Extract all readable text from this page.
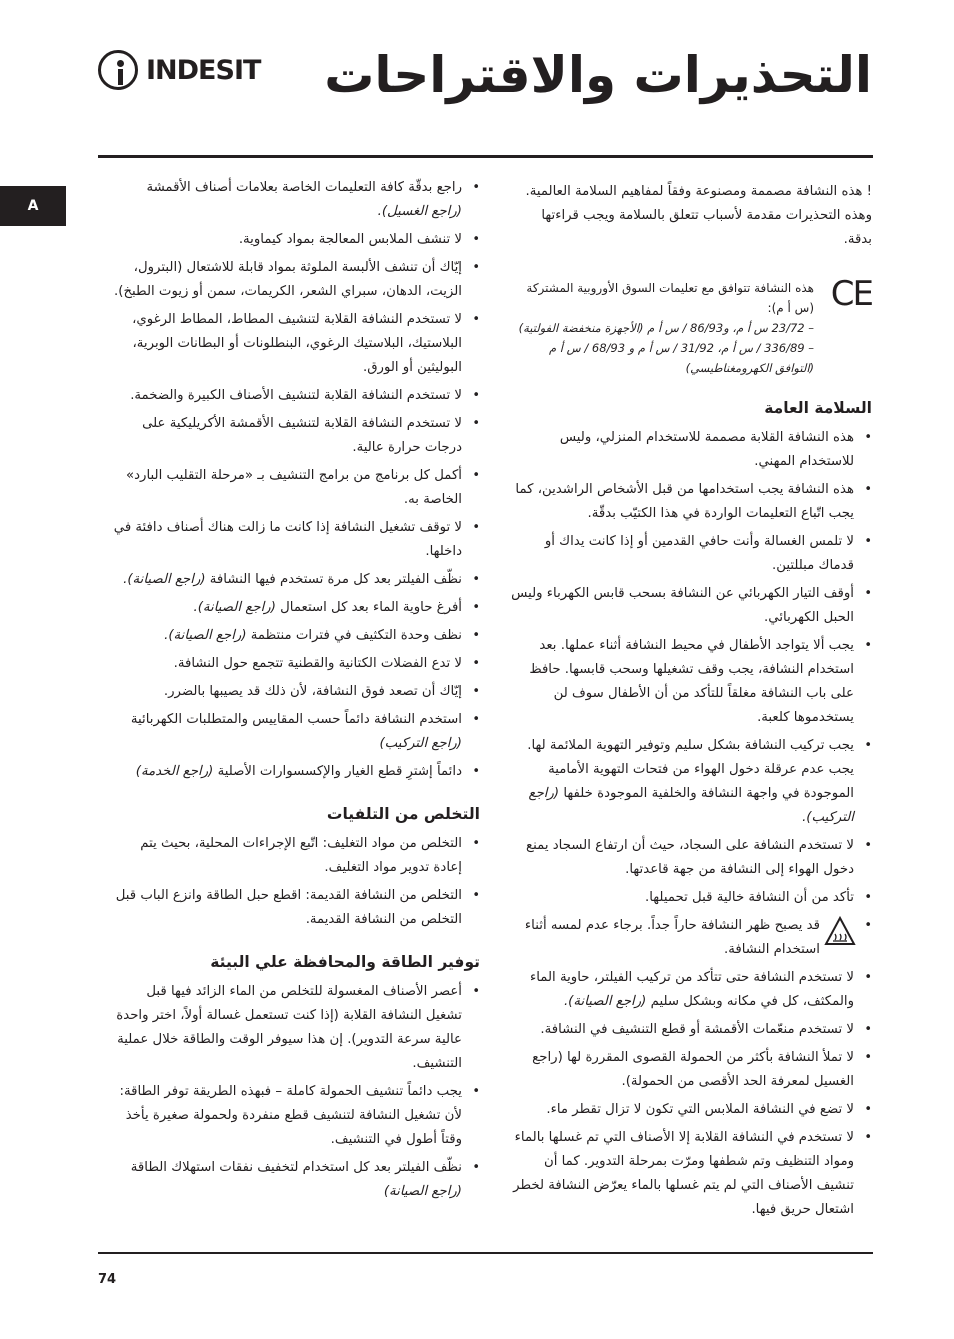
INDESIT التحذيرات والاقتراحات
A

! هذه النشافة مصممة ومصنوعة وفقاً لمفاهيم السلامة العالمية. وهذه التحذيرات مقدمة لأسباب تتعلق بالسلامة ويجب قراءتها بدقة.

CE
هذه النشافة تتوافق مع تعليمات السوق الأوروبية المشتركة (س أ م):
– 23/72 س أ م، و86/93 / س أ م (الأجهزة منخفضة الفولتية)
– 336/89 / س أ م، 31/92 / س أ م و 68/93 / س أ م (التوافق الكهرومغناطيسي)
السلامة العامة
• هذه النشافة القلابة مصممة للاستخدام المنزلي، وليس للاستخدام المهني.
• هذه النشافة يجب استخدامها من قبل الأشخاص الراشدين، كما يجب اتّباع التعليمات الواردة في هذا الكتيّب بدقّة.
• لا تلمس الغسالة وأنت حافي القدمين أو إذا كانت يداك أو قدماك مبللتين.
• أوقف التيار الكهربائي عن النشافة بسحب قابس الكهرباء وليس الحبل الكهربائي.
• يجب ألا يتواجد الأطفال في محيط النشافة أثناء عملها. بعد استخدام النشافة، يجب وقف تشغيلها وسحب قابسها. حافظ على باب النشافة مغلقاً للتأكد من أن الأطفال سوف لن يستخدموها كلعبة.
• يجب تركيب النشافة بشكل سليم وتوفير التهوية الملائمة لها. يجب عدم عرقلة دخول الهواء من فتحات التهوية الأمامية الموجودة في واجهة النشافة والخلفية الموجودة خلفها (راجع التركيب).
• لا تستخدم النشافة على السجاد، حيث أن ارتفاع السجاد يمنع دخول الهواء إلى النشافة من جهة قاعدتها.
• تأكد من أن النشافة خالية قبل تحميلها.
• قد يصبح ظهر النشافة حاراً جداً. برجاء عدم لمسه أثناء استخدام النشافة.
• لا تستخدم النشافة حتى تتأكد من تركيب الفيلتر، حاوية الماء والمكثف، كل في مكانه وبشكل سليم (راجع الصيانة).
• لا تستخدم منعّمات الأقمشة أو قطع التنشيف في النشافة.
• لا تملأ النشافة بأكثر من الحمولة القصوى المقررة لها (راجع الغسيل لمعرفة الحد الأقصى من الحمولة).
• لا تضع في النشافة الملابس التي تكون لا تزال تقطر ماء.
• لا تستخدم في النشافة القلابة إلا الأصناف التي تم غسلها بالماء ومواد التنظيف وتم شطفها ومرّت بمرحلة التدوير. كما أن تنشيف الأصناف التي لم يتم غسلها بالماء يعرّض النشافة لخطر اشتعال حريق فيها.
• راجع بدقّة كافة التعليمات الخاصة بعلامات أصناف الأقمشة (راجع الغسيل).
• لا تنشف الملابس المعالجة بمواد كيماوية.
• إيّاك أن تنشف الألبسة الملوثة بمواد قابلة للاشتعال (البترول، الزيت، الدهان، سبراي الشعر، الكريمات، سمن أو زيوت الطبخ).
• لا تستخدم النشافة القلابة لتنشيف المطاط، المطاط الرغوي، البلاستيك، البلاستيك الرغوي، البنطلونات أو البطانات الوبرية، البوليثين أو الورق.
• لا تستخدم النشافة القلابة لتنشيف الأصناف الكبيرة والضخمة.
• لا تستخدم النشافة القلابة لتنشيف الأقمشة الأكريليكية على درجات حرارة عالية.
• أكمل كل برنامج من برامج التنشيف بـ «مرحلة التقليب البارد» الخاصة به.
• لا توقف تشغيل النشافة إذا كانت ما زالت هناك أصناف دافئة في داخلها.
• نظّف الفيلتر بعد كل مرة تستخدم فيها النشافة (راجع الصيانة).
• أفرغ حاوية الماء بعد كل استعمال (راجع الصيانة).
• نظف وحدة التكثيف في فترات منتظمة (راجع الصيانة).
• لا تدع الفضلات الكتانية والقطنية تتجمع حول النشافة.
• إيّاك أن تصعد فوق النشافة، لأن ذلك قد يصيبها بالضرر.
• استخدم النشافة دائماً حسب المقاييس والمتطلبات الكهربائية (راجع التركيب)
• دائماً إشترِ قطع الغيار والإكسسوارات الأصلية (راجع الخدمة)
التخلص من التلفيات
• التخلص من مواد التغليف: اتّبع الإجراءات المحلية، بحيث يتم إعادة تدوير مواد التغليف.
• التخلص من النشافة القديمة: اقطع حبل الطاقة وانزع الباب قبل التخلص من النشافة القديمة.
توفير الطاقة والمحافظة علي البيئة
• أعصر الأصناف المغسولة للتخلص من الماء الزائد فيها قبل تشغيل النشافة القلابة (إذا كنت تستعمل غسالة أولاً، اختر واحدة عالية سرعة التدوير). إن هذا سيوفر الوقت والطاقة خلال عملية التنشيف.
• يجب دائماً تنشيف الحمولة كاملة – فبهذه الطريقة توفر الطاقة: لأن تشغيل النشافة لتنشيف قطع منفردة ولحمولة صغيرة يأخذ وقتاً أطول في التنشيف.
• نظّف الفيلتر بعد كل استخدام لتخفيف نفقات استهلاك الطاقة (راجع الصيانة)
74
